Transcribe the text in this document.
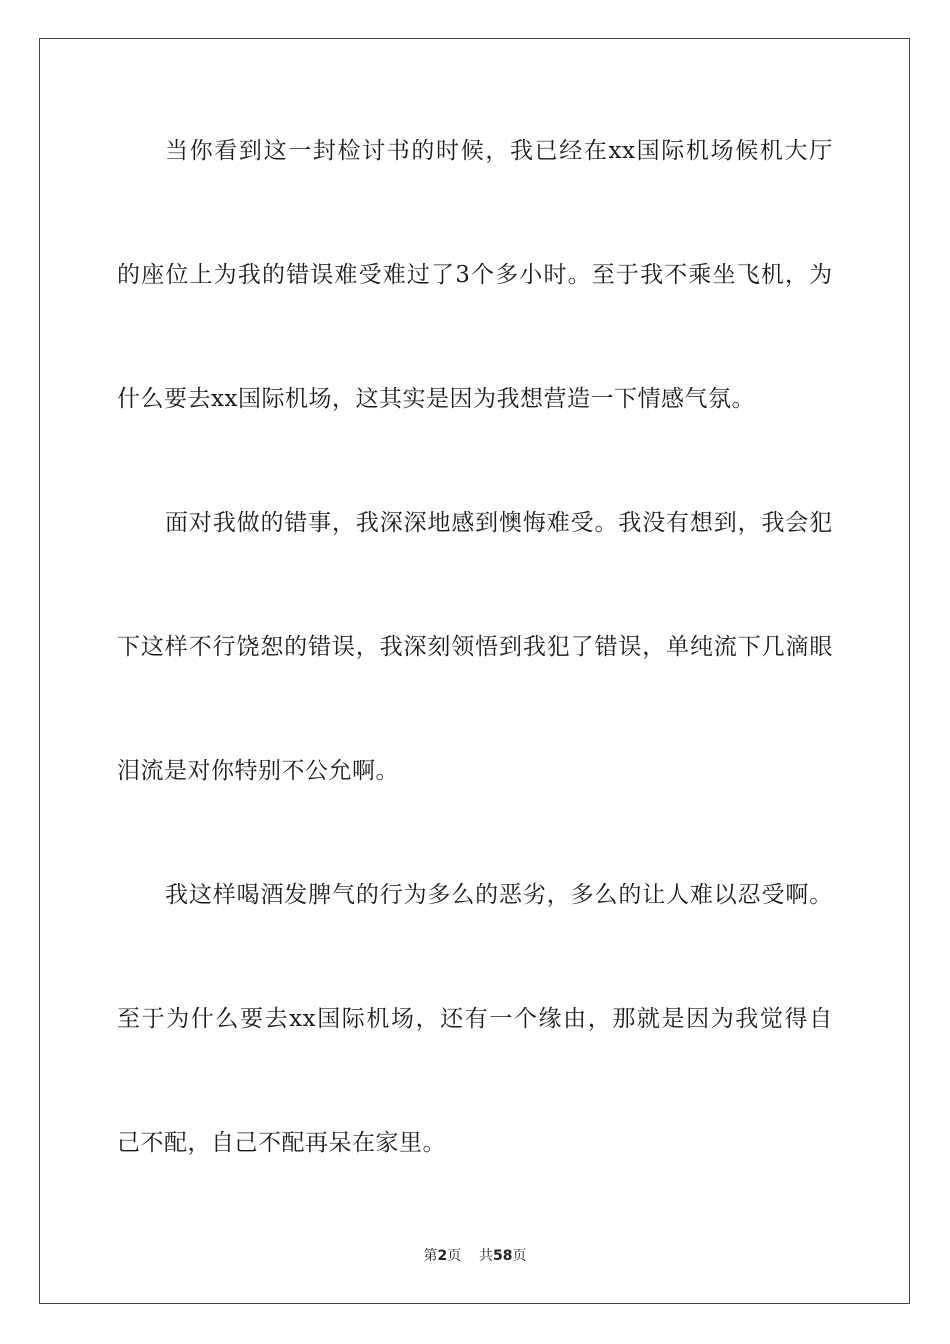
当 你 看 到 这 一 封 检 讨 书 的 时 候 ， 我 已 经 在 xx 国 际 机 场 候 机 大 厅
的 座 位 上 为 我 的 错 误 难 受 难 过 了 3 个 多 小 时 。 至 于 我 不 乘 坐 飞 机 ， 为
什么要去xx国际机场，这其实是因为我想营造一下情感气氛。
面 对 我 做 的 错 事 ， 我 深 深 地 感 到 懊 悔 难 受 。 我 没 有 想 到 ， 我 会 犯
下 这 样 不 行 饶 恕 的 错 误 ， 我 深 刻 领 悟 到 我 犯 了 错 误 ， 单 纯 流 下 几 滴 眼
泪流是对你特别不公允啊。
我 这 样 喝 酒 发 脾 气 的 行 为 多 么 的 恶 劣 ， 多 么 的 让 人 难 以 忍 受 啊 。
至 于 为 什 么 要 去 xx 国 际 机 场 ， 还 有 一 个 缘 由 ， 那 就 是 因 为 我 觉 得 自
己不配，自己不配再呆在家里。
第2页 共58页
